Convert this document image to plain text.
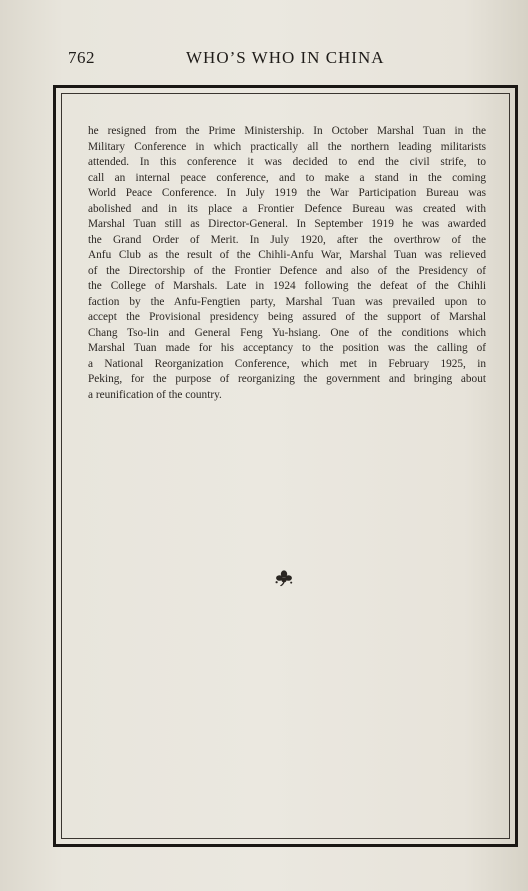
762	WHO’S WHO IN CHINA
he resigned from the Prime Ministership. In October Marshal Tuan in the
Military Conference in which practically all the northern leading militarists
attended. In this conference it was decided to end the civil strife, to
call an internal peace conference, and to make a stand in the coming
World Peace Conference. In July 1919 the War Participation Bureau was
abolished and in its place a Frontier Defence Bureau was created with
Marshal Tuan still as Director-General. In September 1919 he was awarded
the Grand Order of Merit. In July 1920, after the overthrow of the
Anfu Club as the result of the Chihli-Anfu War, Marshal Tuan was relieved
of the Directorship of the Frontier Defence and also of the Presidency of
the College of Marshals. Late in 1924 following the defeat of the Chihli
faction by the Anfu-Fengtien party, Marshal Tuan was prevailed upon to
accept the Provisional presidency being assured of the support of Marshal
Chang Tso-lin and General Feng Yu-hsiang. One of the conditions which
Marshal Tuan made for his acceptancy to the position was the calling of
a National Reorganization Conference, which met in February 1925, in
Peking, for the purpose of reorganizing the government and bringing about
a reunification of the country.
